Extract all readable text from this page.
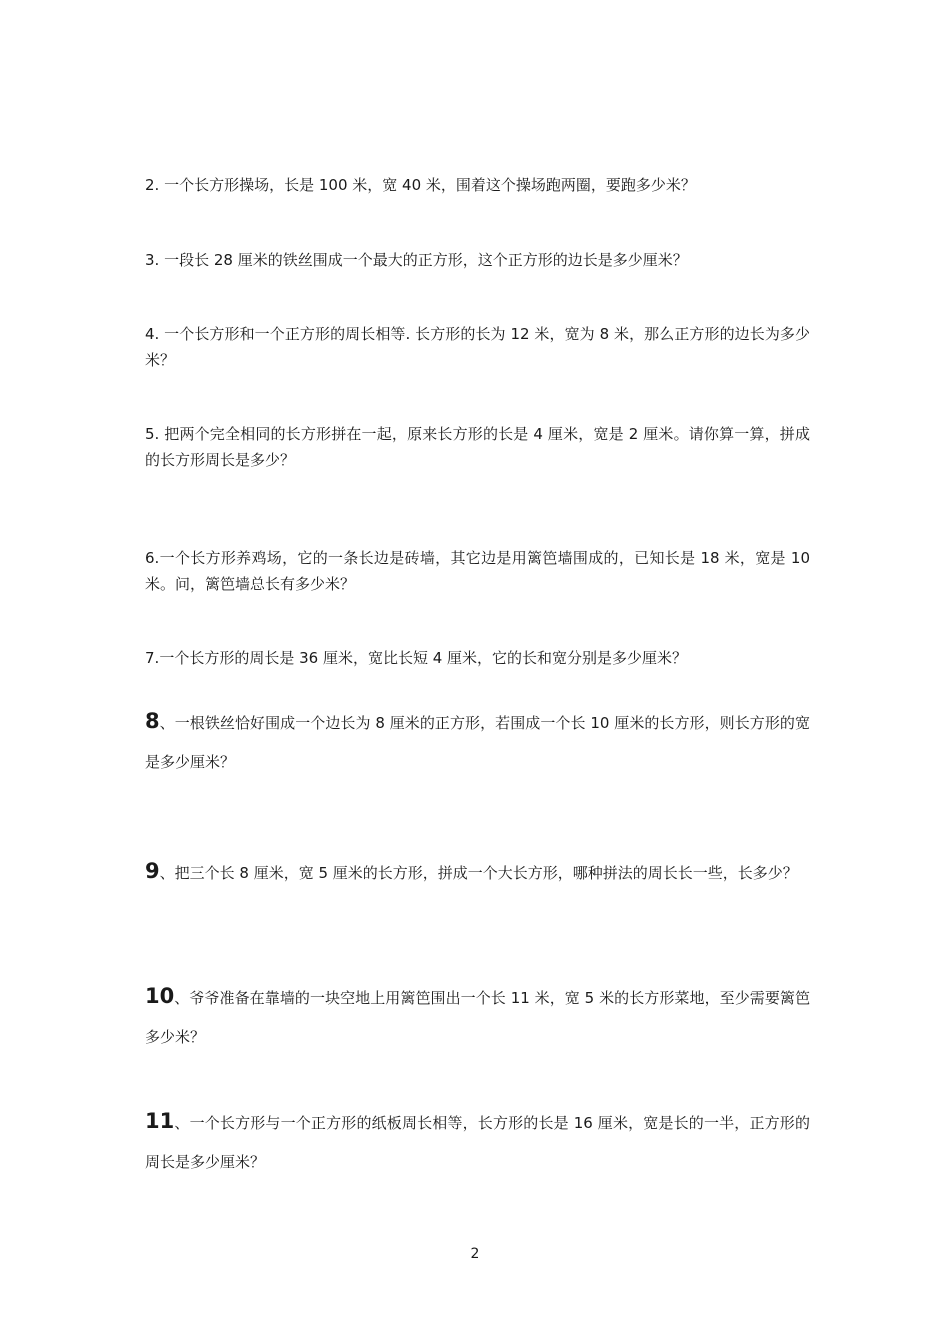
2. 一个长方形操场，长是 100 米，宽 40 米，围着这个操场跑两圈，要跑多少米？

3. 一段长 28 厘米的铁丝围成一个最大的正方形，这个正方形的边长是多少厘米？

4. 一个长方形和一个正方形的周长相等. 长方形的长为 12 米，宽为 8 米，那么正方形的边长为多少米？

5. 把两个完全相同的长方形拼在一起，原来长方形的长是 4 厘米，宽是 2 厘米。请你算一算，拼成的长方形周长是多少？

6.一个长方形养鸡场，它的一条长边是砖墙，其它边是用篱笆墙围成的，已知长是 18 米，宽是 10 米。问，篱笆墙总长有多少米？

7.一个长方形的周长是 36 厘米，宽比长短 4 厘米，它的长和宽分别是多少厘米？

8、一根铁丝恰好围成一个边长为 8 厘米的正方形，若围成一个长 10 厘米的长方形，则长方形的宽是多少厘米？

9、把三个长 8 厘米，宽 5 厘米的长方形，拼成一个大长方形，哪种拼法的周长长一些，长多少？

10、爷爷准备在靠墙的一块空地上用篱笆围出一个长 11 米，宽 5 米的长方形菜地，至少需要篱笆多少米？

11、一个长方形与一个正方形的纸板周长相等，长方形的长是 16 厘米，宽是长的一半，正方形的周长是多少厘米？

2
